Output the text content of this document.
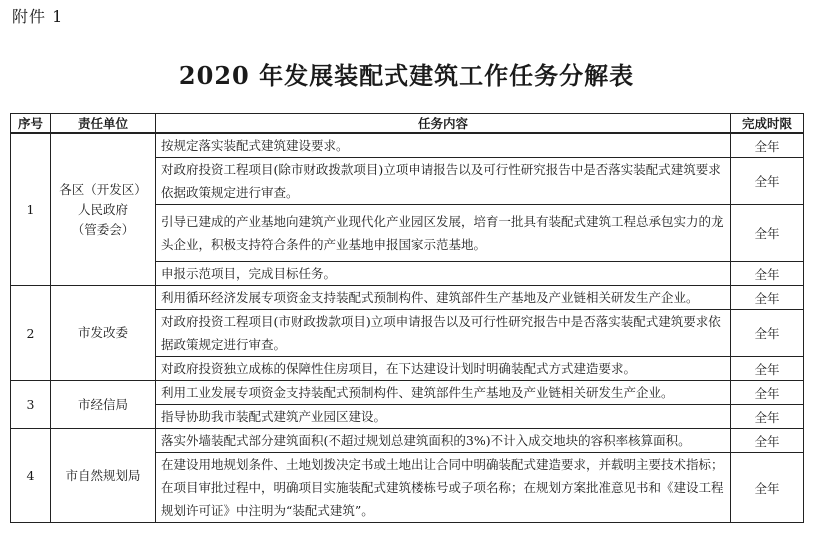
附件 1
2020 年发展装配式建筑工作任务分解表
序号	责任单位	任务内容	完成时限
1	各区（开发区）
人民政府
（管委会）	按规定落实装配式建筑建设要求。	全年
		对政府投资工程项目(除市财政拨款项目)立项申请报告以及可行性研究报告中是否落实装配式建筑要求依据政策规定进行审查。	全年
		引导已建成的产业基地向建筑产业现代化产业园区发展，培育一批具有装配式建筑工程总承包实力的龙头企业，积极支持符合条件的产业基地申报国家示范基地。	全年
		申报示范项目，完成目标任务。	全年
2	市发改委	利用循环经济发展专项资金支持装配式预制构件、建筑部件生产基地及产业链相关研发生产企业。	全年
		对政府投资工程项目(市财政拨款项目)立项申请报告以及可行性研究报告中是否落实装配式建筑要求依据政策规定进行审查。	全年
		对政府投资独立成栋的保障性住房项目，在下达建设计划时明确装配式方式建造要求。	全年
3	市经信局	利用工业发展专项资金支持装配式预制构件、建筑部件生产基地及产业链相关研发生产企业。	全年
		指导协助我市装配式建筑产业园区建设。	全年
4	市自然规划局	落实外墙装配式部分建筑面积(不超过规划总建筑面积的3%)不计入成交地块的容积率核算面积。	全年
		在建设用地规划条件、土地划拨决定书或土地出让合同中明确装配式建造要求，并载明主要技术指标；在项目审批过程中，明确项目实施装配式建筑楼栋号或子项名称；在规划方案批准意见书和《建设工程规划许可证》中注明为“装配式建筑”。	全年
